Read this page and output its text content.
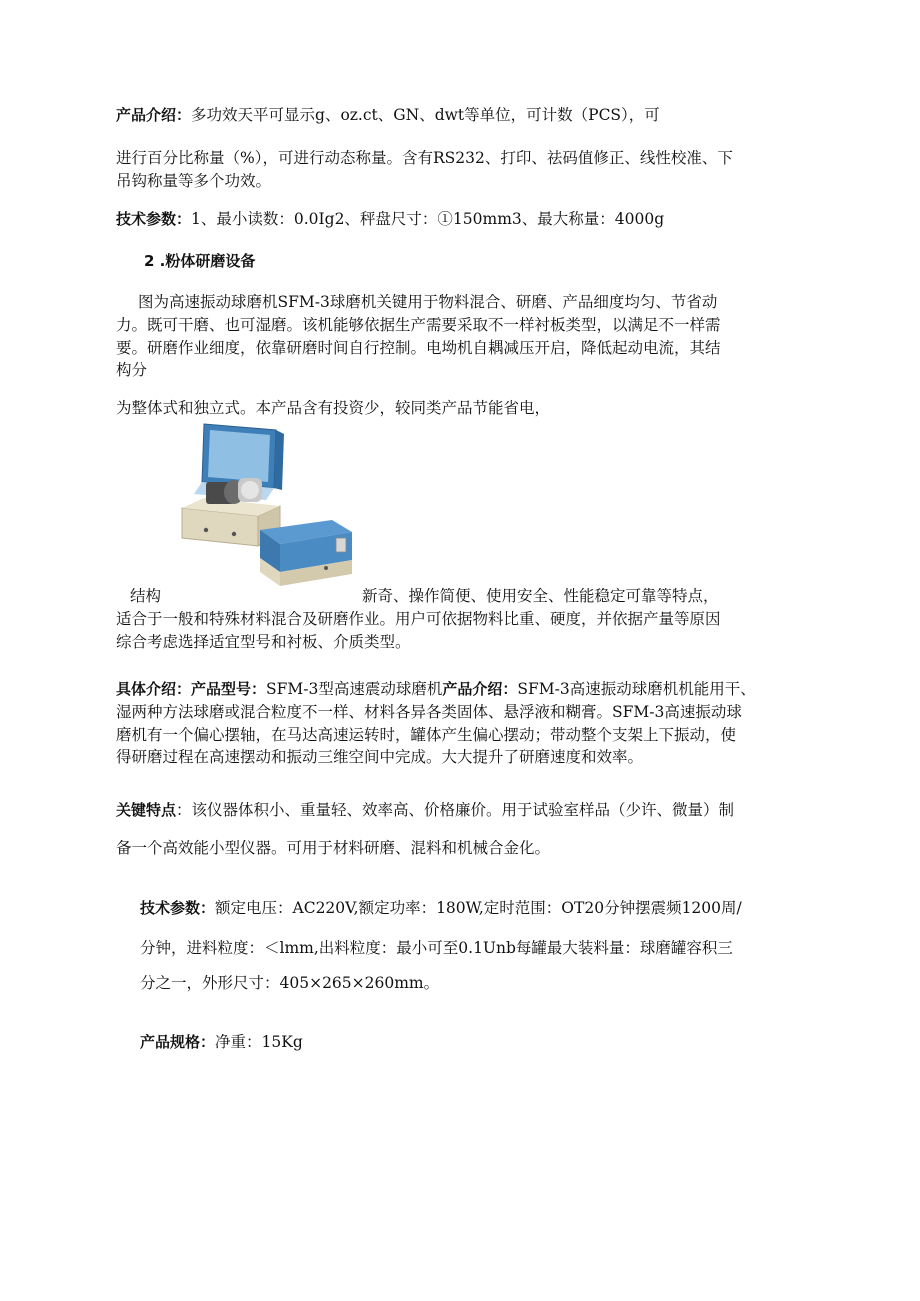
产品介绍：多功效天平可显示g、oz.ct、GN、dwt等单位，可计数（PCS），可
进行百分比称量（%），可进行动态称量。含有RS232、打印、祛码值修正、线性校准、下
吊钩称量等多个功效。
技术参数：1、最小读数：0.0Ig2、秤盘尺寸：①150mm3、最大称量：4000g
2 .粉体研磨设备
图为高速振动球磨机SFM-3球磨机关键用于物料混合、研磨、产品细度均匀、节省动
力。既可干磨、也可湿磨。该机能够依据生产需要采取不一样衬板类型，以满足不一样需
要。研磨作业细度，依靠研磨时间自行控制。电坳机自耦减压开启，降低起动电流，其结
构分
为整体式和独立式。本产品含有投资少，较同类产品节能省电，
结构	新奇、操作简便、使用安全、性能稳定可靠等特点，
适合于一般和特殊材料混合及研磨作业。用户可依据物料比重、硬度，并依据产量等原因
综合考虑选择适宜型号和衬板、介质类型。
具体介绍：产品型号：SFM-3型高速震动球磨机产品介绍：SFM-3高速振动球磨机机能用干、
湿两种方法球磨或混合粒度不一样、材料各异各类固体、悬浮液和糊膏。SFM-3高速振动球
磨机有一个偏心摆轴，在马达高速运转时，罐体产生偏心摆动；带动整个支架上下振动，使
得研磨过程在高速摆动和振动三维空间中完成。大大提升了研磨速度和效率。
关键特点：该仪器体积小、重量轻、效率高、价格廉价。用于试验室样品（少许、微量）制
备一个高效能小型仪器。可用于材料研磨、混料和机械合金化。
技术参数：额定电压：AC220V,额定功率：180W,定时范围：OT20分钟摆震频1200周/
分钟，进料粒度：＜lmm,出料粒度：最小可至0.1Unb每罐最大装料量：球磨罐容积三
分之一，外形尺寸：405×265×260mm。
产品规格：净重：15Kg
